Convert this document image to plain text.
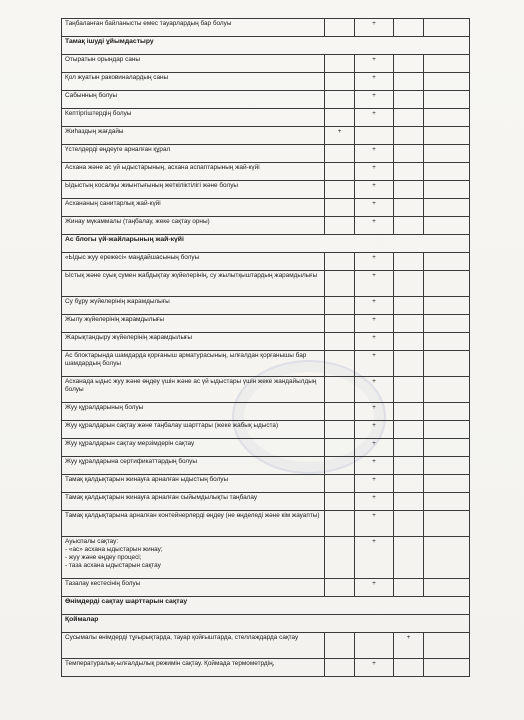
Таңбаланған байланысты емес тауарлардың бар болуы		+		
Тамақ ішуді ұйымдастыру				
Отыратын орындар саны		+		
Қол жуатын раковиналардың саны		+		
Сабынның болуы		+		
Кептіргіштердің болуы		+		
Жиһаздың жағдайы	+			
Үстелдерді өңдеуге арналған құрал		+		
Асхана және ас үй ыдыстарының, асхана аспаптарының жай-күйі		+		
Ыдыстың косалқы жиынтығының жеткіліктілігі және болуы		+		
Асхананың санитарлық жай-күйі		+		
Жинау мүкаммалы (таңбалау, жеке сақтау орны)		+		
Ас блогы үй-жайларының жай-күйі				
«Ыдыс жуу ережесі» маңдайшасының болуы		+		
Ыстық және суық сумен жабдықтау жүйелерінің, су жылытқыштардың жарамдылығы		+		
Су бұру жүйелерінің жарамдылығы		+		
Жылу жүйелерінің жарамдылығы		+		
Жарықтандыру жүйелерінің жарамдылығы		+		
Ас блоктарында шамдарда қорғаныш арматурасының, ылғалдан қорғанышы бар шамдардың болуы		+		
Асханада ыдыс жуу және өңдеу үшін және ас үй ыдыстары үшін жеке жандайылдың болуы		+		
Жуу құралдарының болуы		+		
Жуу құралдарын сақтау және таңбалау шарттары (жеке жабық ыдыста)		+		
Жуу құралдарын сақтау мерзімдерін сақтау		+		
Жуу құралдарына сертификаттардың болуы		+		
Тамақ қалдықтарын жинауға арналған ыдыстың болуы		+		
Тамақ қалдықтарын жинауға арналған сыйымдылықты таңбалау		+		
Тамақ қалдықтарына арналған контейнерлерді өңдеу (не өңделеді және кім жауапты)		+		

Ауыспалы сақтау:
- «ас» асхана ыдыстарын жинау;
- жуу және өңдеу процесі;
- таза асхана ыдыстарын сақтау		+		
Тазалау кестесінің болуы		+		
Өнімдерді сақтау шарттарын сақтау				
Қоймалар				
Сусымалы өнімдерді тұғырықтарда, тауар қойғыштарда, стеллаждарда сақтау			+	
Температуралық-ылғалдылық режимін сақтау. Қоймада термометрдің,		+		
